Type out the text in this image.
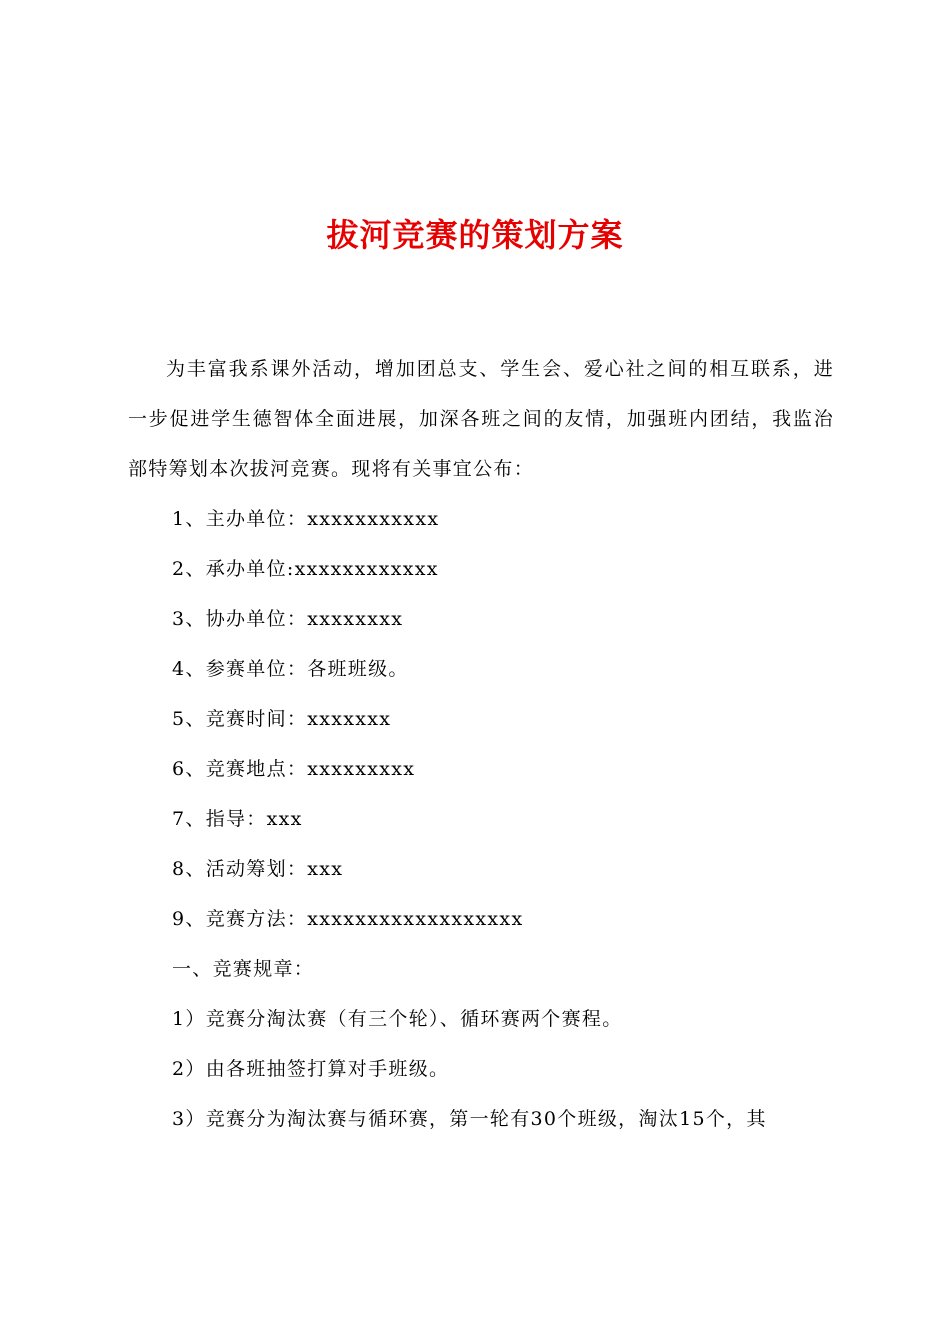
拔河竞赛的策划方案

为丰富我系课外活动，增加团总支、学生会、爱心社之间的相互联系，进一步促进学生德智体全面进展，加深各班之间的友情，加强班内团结，我监治部特筹划本次拔河竞赛。现将有关事宜公布：

1、主办单位：xxxxxxxxxxx

2、承办单位:xxxxxxxxxxxx

3、协办单位：xxxxxxxx

4、参赛单位：各班班级。

5、竞赛时间：xxxxxxx

6、竞赛地点：xxxxxxxxx

7、指导：xxx

8、活动筹划：xxx

9、竞赛方法：xxxxxxxxxxxxxxxxxx

一、竞赛规章：

1）竞赛分淘汰赛（有三个轮）、循环赛两个赛程。

2）由各班抽签打算对手班级。

3）竞赛分为淘汰赛与循环赛，第一轮有30个班级，淘汰15个，其
